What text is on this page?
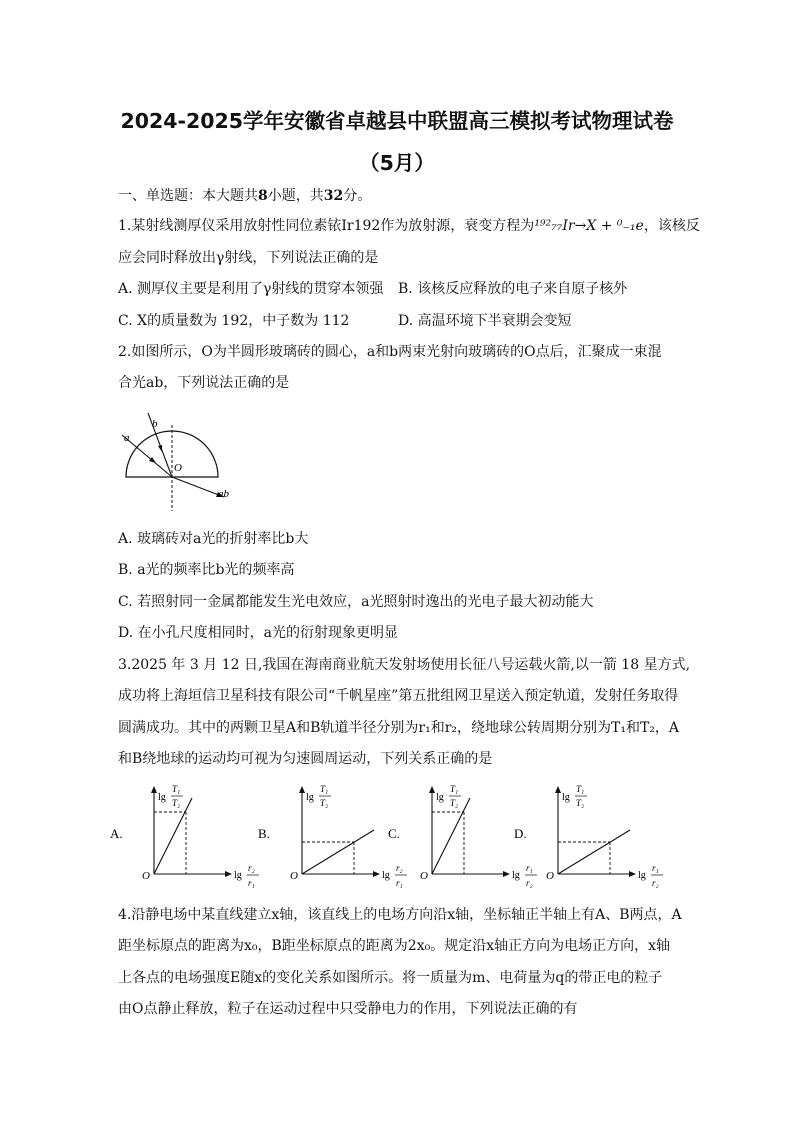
2024-2025学年安徽省卓越县中联盟高三模拟考试物理试卷
（5月）
一、单选题：本大题共8小题，共32分。
1.某射线测厚仪采用放射性同位素铱Ir192作为放射源，衰变方程为¹⁹²₇₇Ir→X + ⁰₋₁e，该核反
应会同时释放出γ射线，下列说法正确的是
A. 测厚仪主要是利用了γ射线的贯穿本领强 B. 该核反应释放的电子来自原子核外
C. X的质量数为 192，中子数为 112	D. 高温环境下半衰期会变短
2.如图所示，O为半圆形玻璃砖的圆心，a和b两束光射向玻璃砖的O点后，汇聚成一束混
合光ab，下列说法正确的是
a
b
O
ab
A. 玻璃砖对a光的折射率比b大
B. a光的频率比b光的频率高
C. 若照射同一金属都能发生光电效应，a光照射时逸出的光电子最大初动能大
D. 在小孔尺度相同时，a光的衍射现象更明显
3.2025 年 3 月 12 日,我国在海南商业航天发射场使用长征八号运载火箭,以一箭 18 星方式,
成功将上海垣信卫星科技有限公司“千帆星座”第五批组网卫星送入预定轨道，发射任务取得
圆满成功。其中的两颗卫星A和B轨道半径分别为r₁和r₂，绕地球公转周期分别为T₁和T₂，A
和B绕地球的运动均可视为匀速圆周运动，下列关系正确的是
A.
O
lg
T₁
T₂
lg
r₂
r₁
B.
O
lg
T₁
T₂
lg
r₂
r₁
C.
O
lg
T₁
T₂
lg
r₁
r₂
D.
O
lg
T₁
T₂
lg
r₁
r₂
4.沿静电场中某直线建立x轴，该直线上的电场方向沿x轴，坐标轴正半轴上有A、B两点，A
距坐标原点的距离为x₀，B距坐标原点的距离为2x₀。规定沿x轴正方向为电场正方向，x轴
上各点的电场强度E随x的变化关系如图所示。将一质量为m、电荷量为q的带正电的粒子
由O点静止释放，粒子在运动过程中只受静电力的作用，下列说法正确的有
